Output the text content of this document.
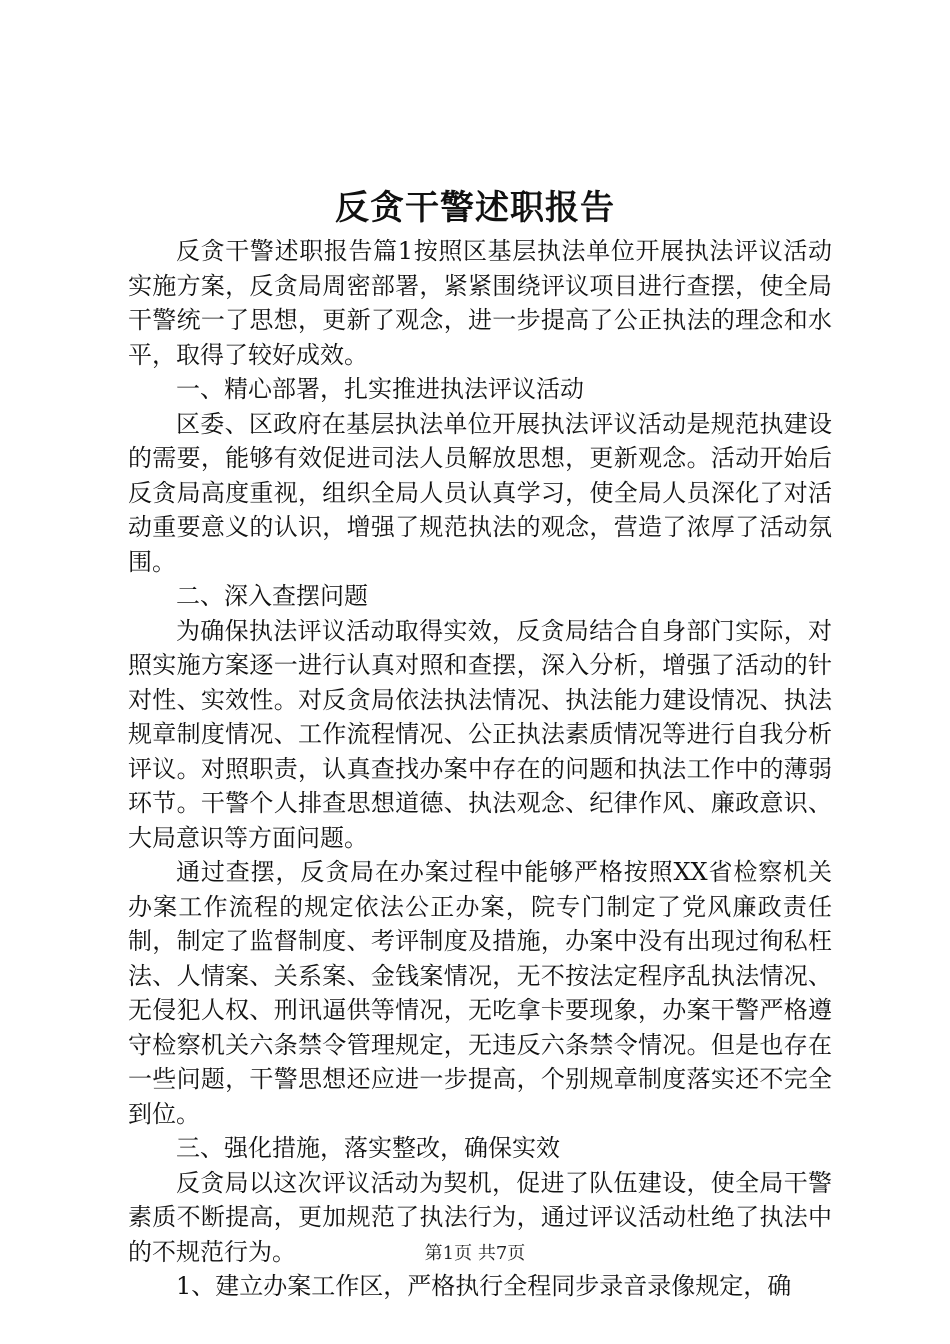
反贪干警述职报告

反贪干警述职报告篇1按照区基层执法单位开展执法评议活动实施方案，反贪局周密部署，紧紧围绕评议项目进行查摆，使全局干警统一了思想，更新了观念，进一步提高了公正执法的理念和水平，取得了较好成效。

一、精心部署，扎实推进执法评议活动

区委、区政府在基层执法单位开展执法评议活动是规范执建设的需要，能够有效促进司法人员解放思想，更新观念。活动开始后反贪局高度重视，组织全局人员认真学习，使全局人员深化了对活动重要意义的认识，增强了规范执法的观念，营造了浓厚了活动氛围。

二、深入查摆问题

为确保执法评议活动取得实效，反贪局结合自身部门实际，对照实施方案逐一进行认真对照和查摆，深入分析，增强了活动的针对性、实效性。对反贪局依法执法情况、执法能力建设情况、执法规章制度情况、工作流程情况、公正执法素质情况等进行自我分析评议。对照职责，认真查找办案中存在的问题和执法工作中的薄弱环节。干警个人排查思想道德、执法观念、纪律作风、廉政意识、大局意识等方面问题。

通过查摆，反贪局在办案过程中能够严格按照XX省检察机关办案工作流程的规定依法公正办案，院专门制定了党风廉政责任制，制定了监督制度、考评制度及措施，办案中没有出现过徇私枉法、人情案、关系案、金钱案情况，无不按法定程序乱执法情况、无侵犯人权、刑讯逼供等情况，无吃拿卡要现象，办案干警严格遵守检察机关六条禁令管理规定，无违反六条禁令情况。但是也存在一些问题，干警思想还应进一步提高，个别规章制度落实还不完全到位。

三、强化措施，落实整改，确保实效

反贪局以这次评议活动为契机，促进了队伍建设，使全局干警素质不断提高，更加规范了执法行为，通过评议活动杜绝了执法中的不规范行为。

1、建立办案工作区，严格执行全程同步录音录像规定，确

第1页 共7页
